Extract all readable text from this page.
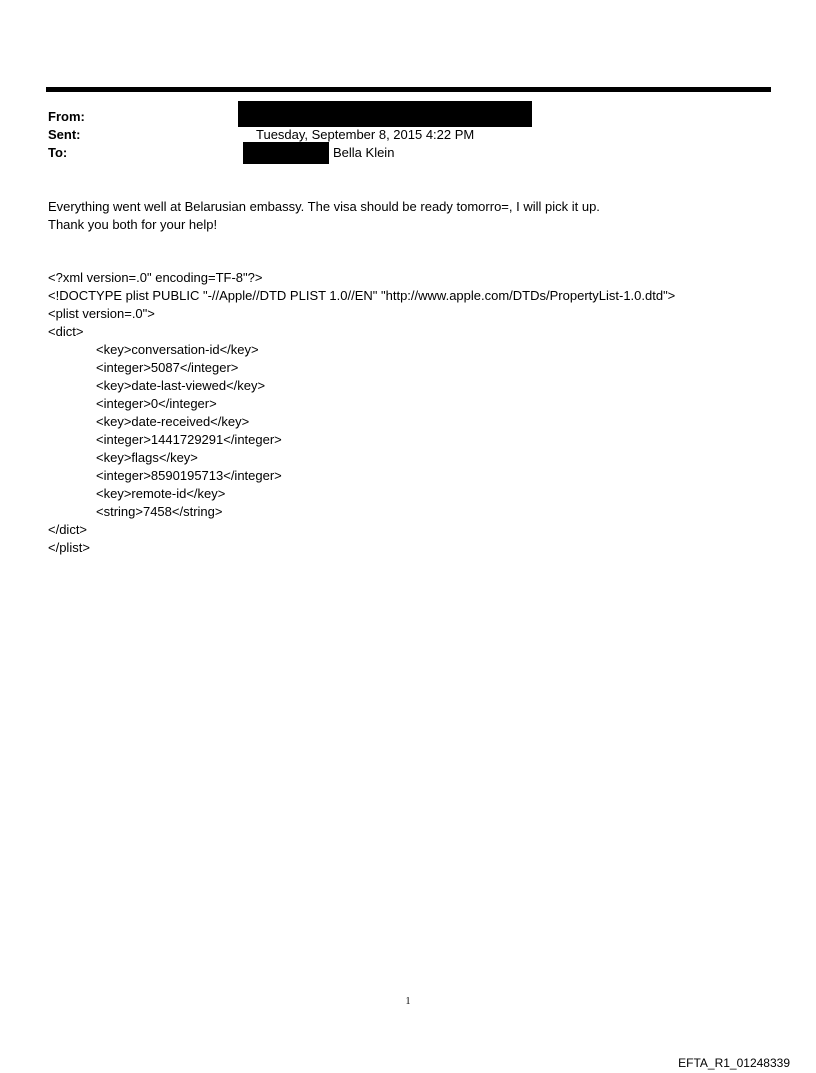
From:
Sent:	Tuesday, September 8, 2015 4:22 PM
To:	Bella Klein
Everything went well at Belarusian embassy. The visa should be ready tomorro=, I will pick it up.
Thank you both for your help!
<?xml version=.0" encoding=TF-8"?>
<!DOCTYPE plist PUBLIC "-//Apple//DTD PLIST 1.0//EN" "http://www.apple.com/DTDs/PropertyList-1.0.dtd">
<plist version=.0">
<dict>
<key>conversation-id</key>
<integer>5087</integer>
<key>date-last-viewed</key>
<integer>0</integer>
<key>date-received</key>
<integer>1441729291</integer>
<key>flags</key>
<integer>8590195713</integer>
<key>remote-id</key>
<string>7458</string>
</dict>
</plist>
1
EFTA_R1_01248339
